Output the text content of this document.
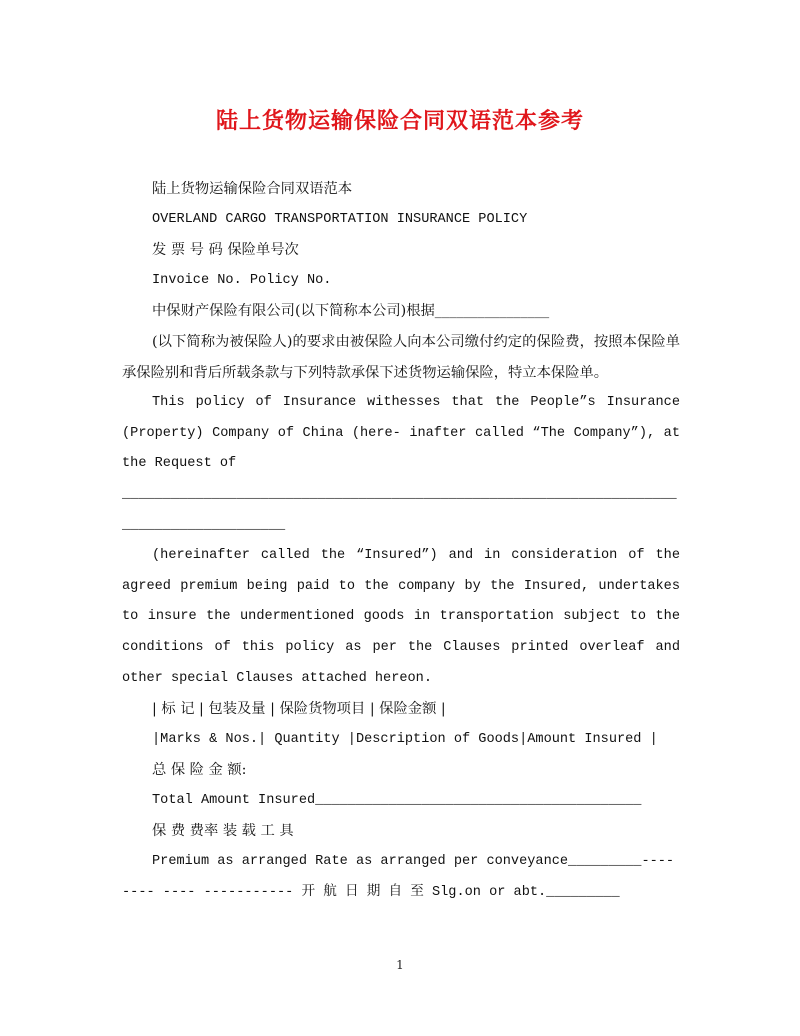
陆上货物运输保险合同双语范本参考

陆上货物运输保险合同双语范本

OVERLAND CARGO TRANSPORTATION INSURANCE POLICY

发 票 号 码 保险单号次

Invoice No. Policy No.

中保财产保险有限公司(以下简称本公司)根据________________

(以下简称为被保险人)的要求由被保险人向本公司缴付约定的保险费，按照本保险单承保险别和背后所载条款与下列特款承保下述货物运输保险，特立本保险单。

This policy of Insurance withesses that the People”s Insurance (Property) Company of China (here- inafter called “The Company”), at the Request of

________________________________________________________________________________________

(hereinafter called the “Insured”) and in consideration of the agreed premium being paid to the company by the Insured, undertakes to insure the undermentioned goods in transportation subject to the conditions of this policy as per the Clauses printed overleaf and other special Clauses attached hereon.

| 标 记 | 包装及量 | 保险货物项目 | 保险金额 |

|Marks & Nos.| Quantity |Description of Goods|Amount Insured |

总 保 险 金 额:

Total Amount Insured________________________________________

保 费 费率 装 载 工 具

Premium as arranged Rate as arranged per conveyance_________-------- ---- ----------- 开 航 日 期 自 至 Slg.on or abt._________

1
